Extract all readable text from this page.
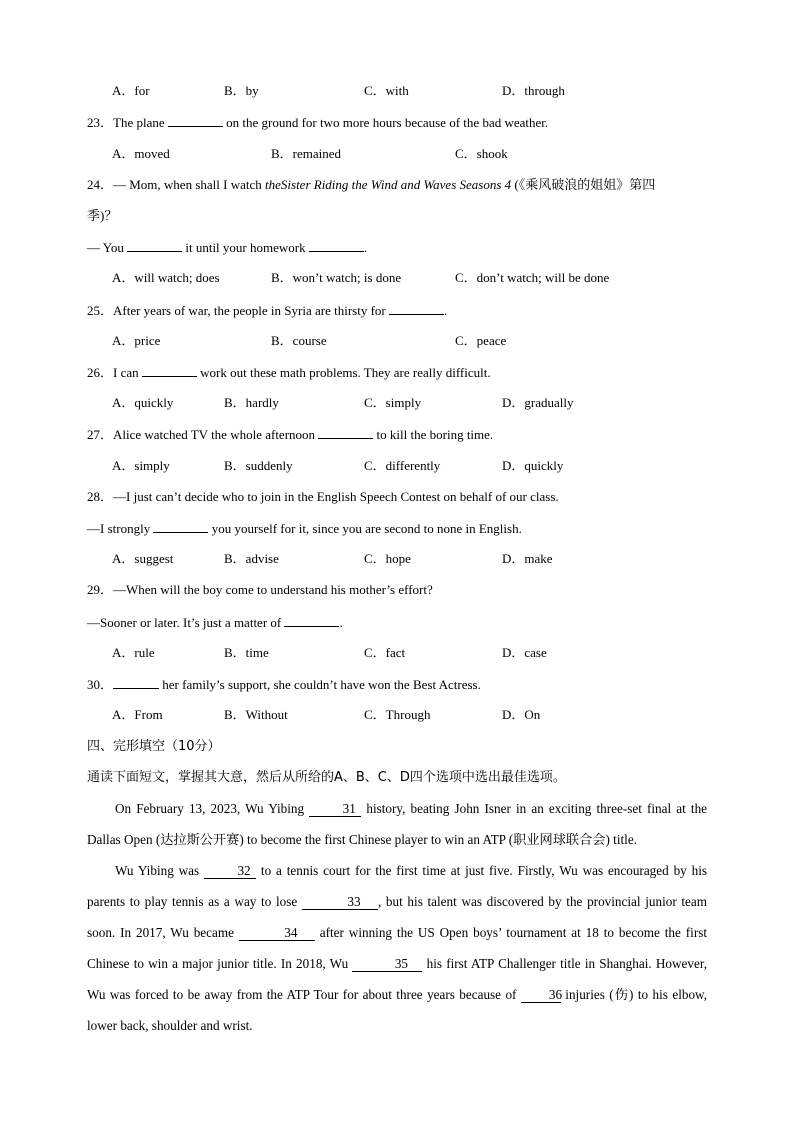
A．for	B．by	C．with	D．through
23．The plane	on the ground for two more hours because of the bad weather.
A．moved	B．remained	C．shook
24．— Mom, when shall I watch theSister Riding the Wind and Waves Seasons 4 (《乘风破浪的姐姐》第四
季)？
— You	it until your homework	.
A．will watch; does	B．won’t watch; is done	C．don’t watch; will be done
25．After years of war, the people in Syria are thirsty for	.
A．price	B．course	C．peace
26．I can	work out these math problems. They are really difficult.
A．quickly	B．hardly	C．simply	D．gradually
27．Alice watched TV the whole afternoon	to kill the boring time.
A．simply	B．suddenly	C．differently	D．quickly
28．—I just can’t decide who to join in the English Speech Contest on behalf of our class.
—I strongly	you yourself for it, since you are second to none in English.
A．suggest	B．advise	C．hope	D．make
29．—When will the boy come to understand his mother’s effort?
—Sooner or later. It’s just a matter of	.
A．rule	B．time	C．fact	D．case
30．	her family’s support, she couldn’t have won the Best Actress.
A．From	B．Without	C．Through	D．On
四、完形填空（10分）
通读下面短文，掌握其大意，然后从所给的A、B、C、D四个选项中选出最佳选项。

On February 13, 2023, Wu Yibing	31 history, beating John Isner in an exciting three-set final at the Dallas Open (达拉斯公开赛) to become the first Chinese player to win an ATP (职业网球联合会) title.

Wu Yibing was	32 to a tennis court for the first time at just five. Firstly, Wu was encouraged by his parents to play tennis as a way to lose	33 , but his talent was discovered by the provincial junior team soon. In 2017, Wu became	34 after winning the US Open boys’ tournament at 18 to become the first Chinese to win a major junior title. In 2018, Wu	35 his first ATP Challenger title in Shanghai. However, Wu was forced to be away from the ATP Tour for about three years because of 36 injuries (伤) to his elbow, lower back, shoulder and wrist.
